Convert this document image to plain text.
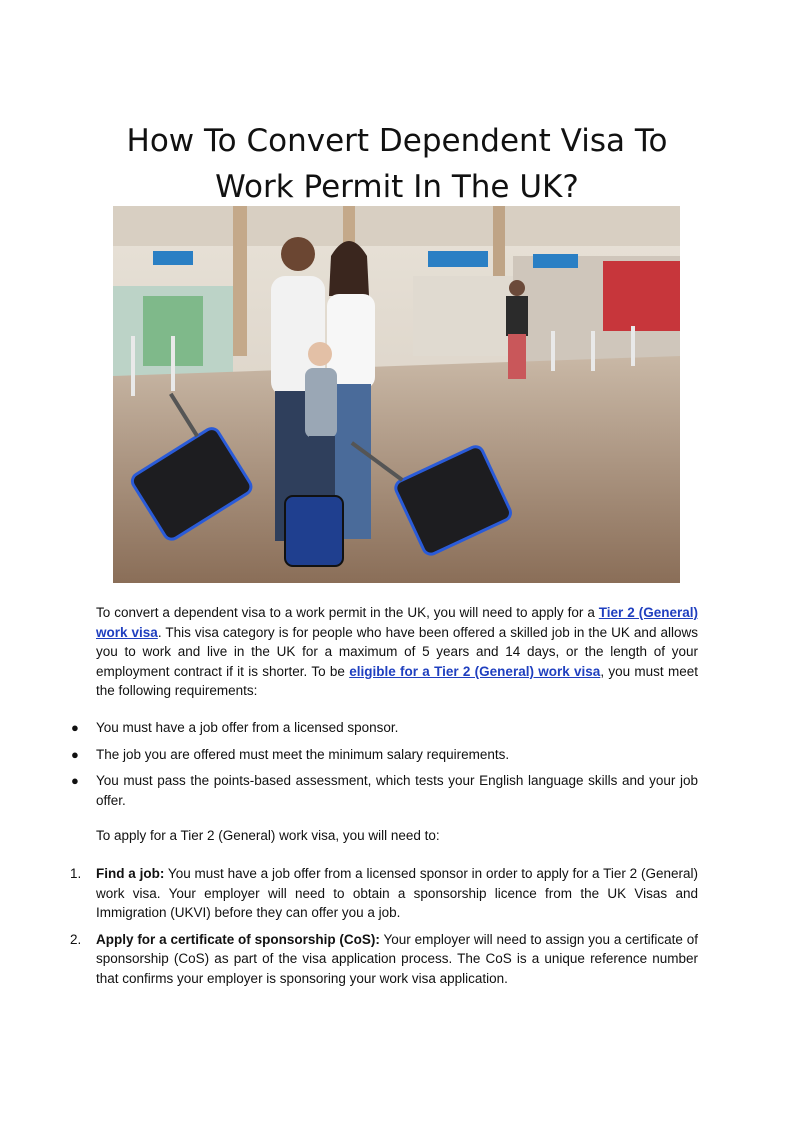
How To Convert Dependent Visa To
Work Permit In The UK?

To convert a dependent visa to a work permit in the UK, you will need to apply for a Tier 2 (General) work visa. This visa category is for people who have been offered a skilled job in the UK and allows you to work and live in the UK for a maximum of 5 years and 14 days, or the length of your employment contract if it is shorter. To be eligible for a Tier 2 (General) work visa, you must meet the following requirements:

● You must have a job offer from a licensed sponsor.
● The job you are offered must meet the minimum salary requirements.
● You must pass the points-based assessment, which tests your English language skills and your job offer.

To apply for a Tier 2 (General) work visa, you will need to:

1. Find a job: You must have a job offer from a licensed sponsor in order to apply for a Tier 2 (General) work visa. Your employer will need to obtain a sponsorship licence from the UK Visas and Immigration (UKVI) before they can offer you a job.
2. Apply for a certificate of sponsorship (CoS): Your employer will need to assign you a certificate of sponsorship (CoS) as part of the visa application process. The CoS is a unique reference number that confirms your employer is sponsoring your work visa application.
